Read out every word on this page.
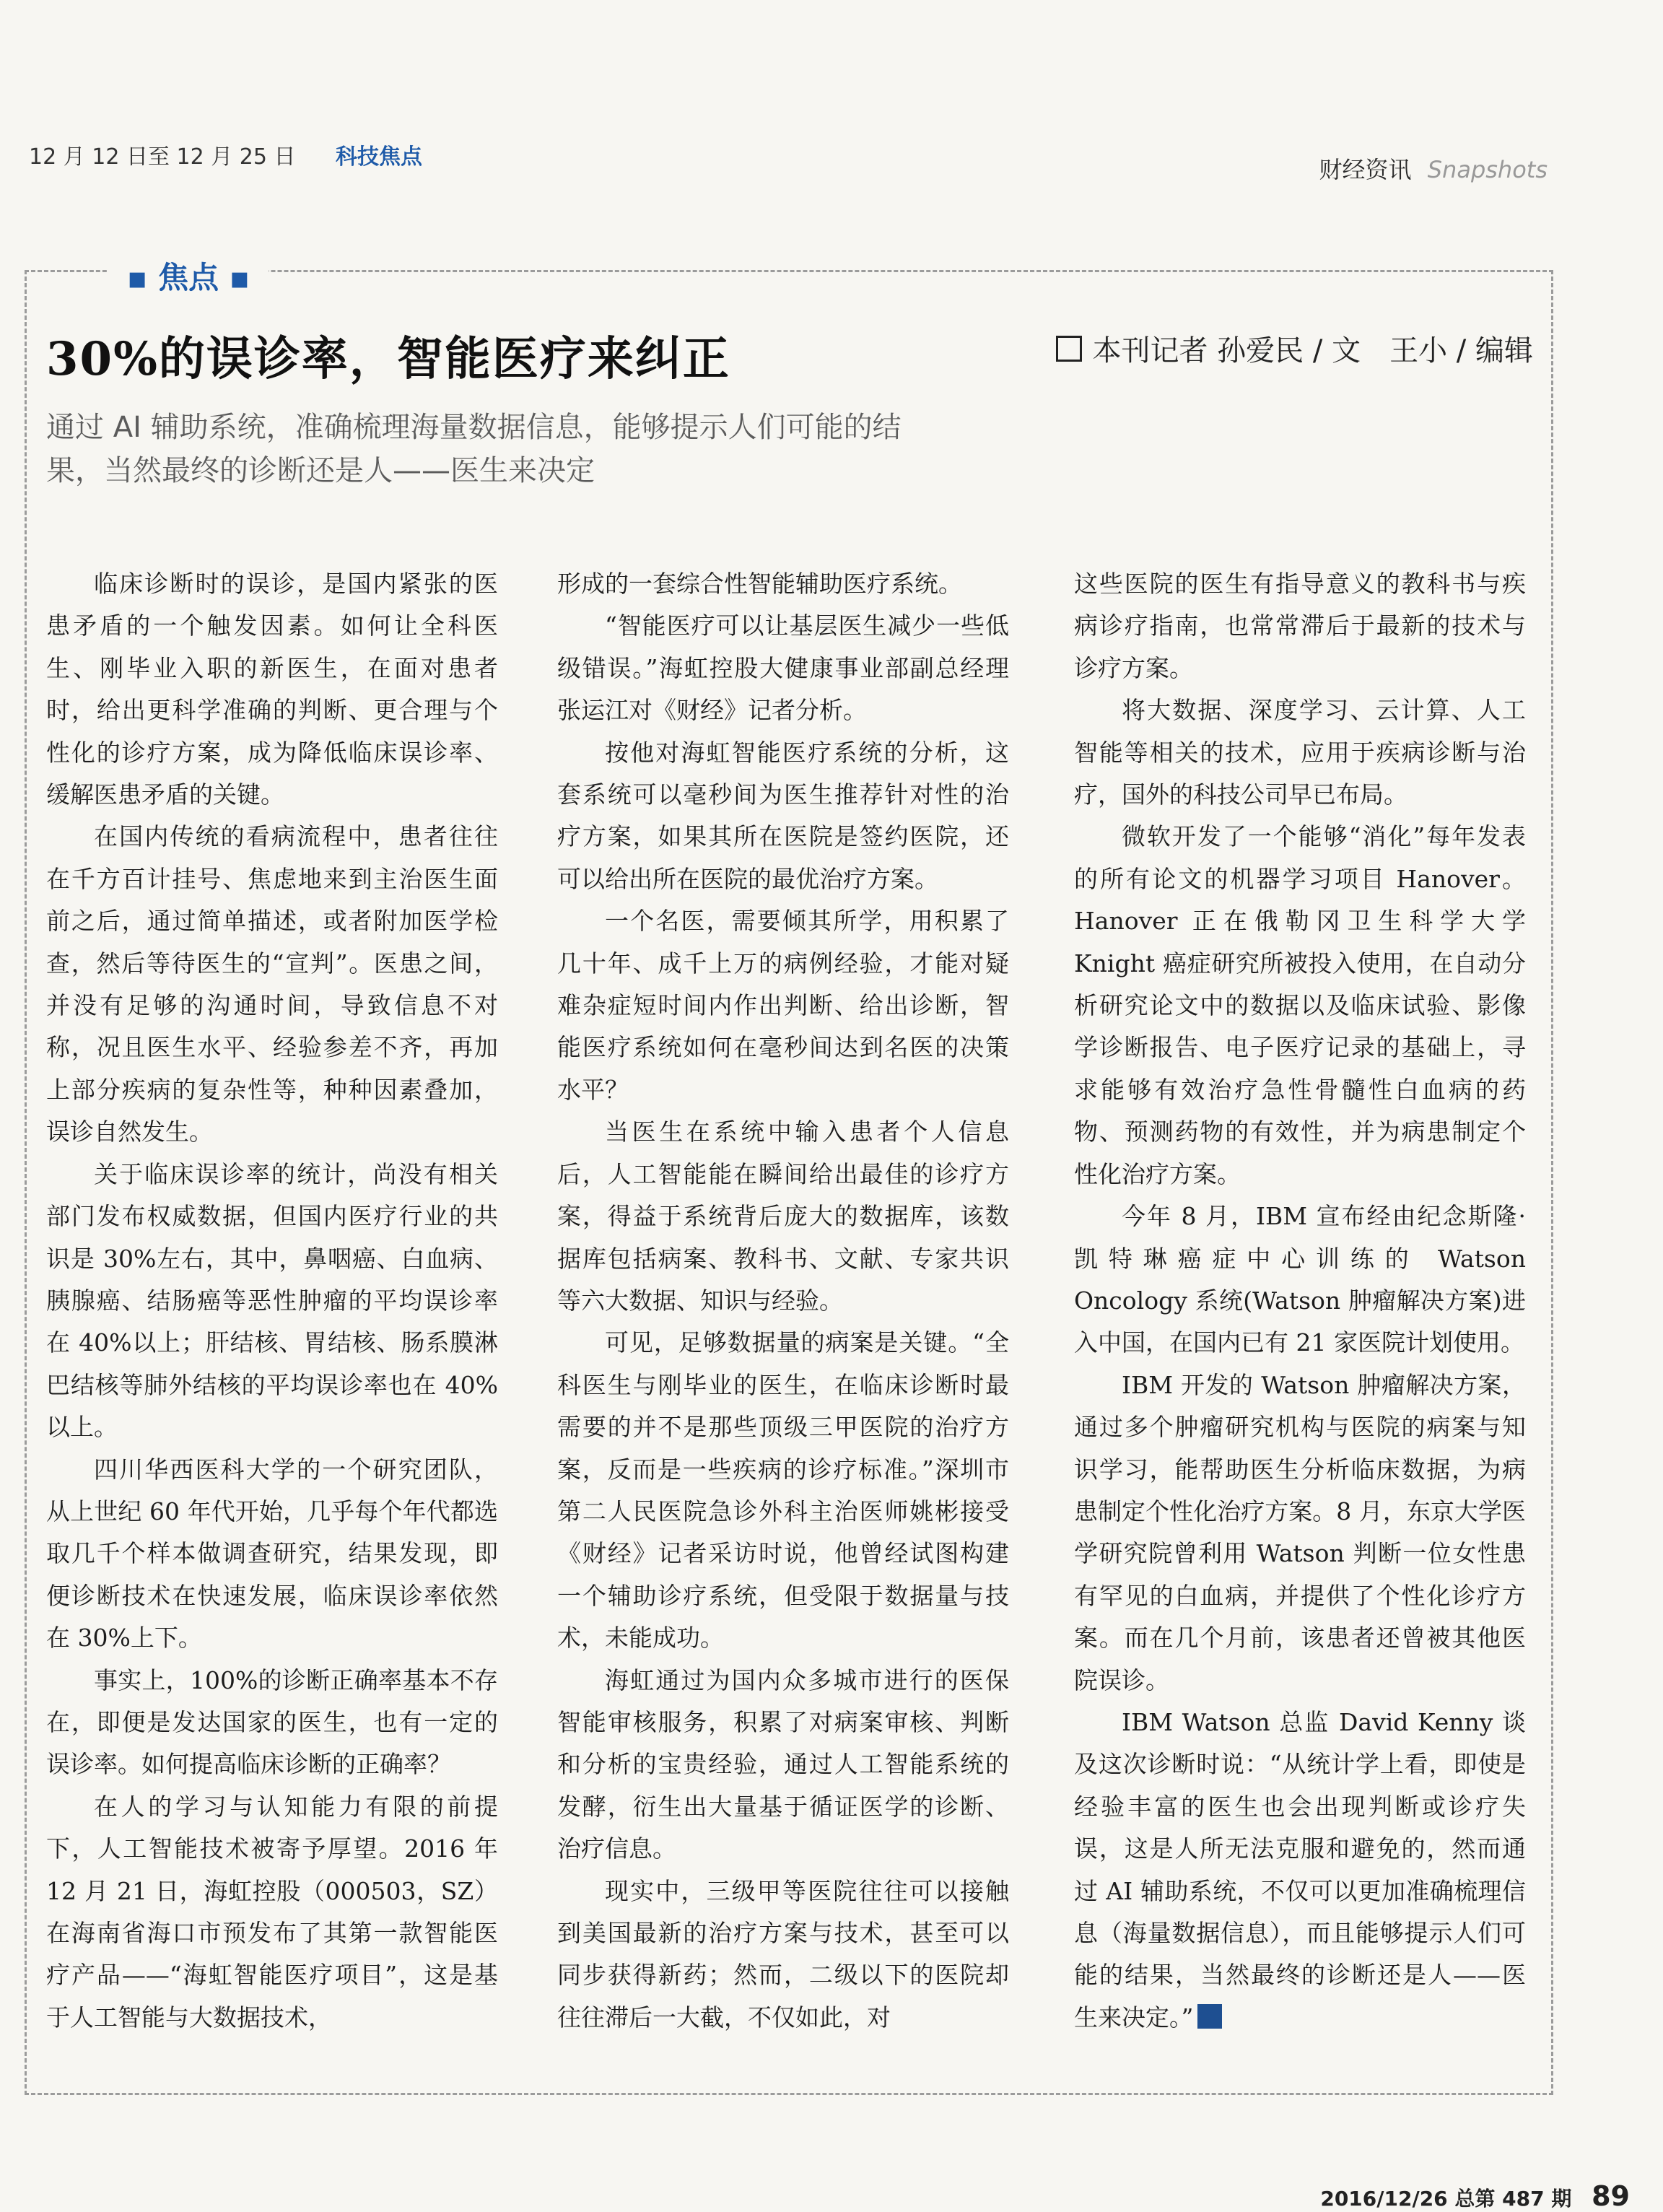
12 月 12 日至 12 月 25 日 科技焦点	财经资讯 Snapshots
▪ 焦点 ▪
30%的误诊率，智能医疗来纠正	本刊记者 孙爱民 / 文　王小 / 编辑
通过 AI 辅助系统，准确梳理海量数据信息，能够提示人们可能的结果，当然最终的诊断还是人——医生来决定

临床诊断时的误诊，是国内紧张的医患矛盾的一个触发因素。如何让全科医生、刚毕业入职的新医生，在面对患者时，给出更科学准确的判断、更合理与个性化的诊疗方案，成为降低临床误诊率、缓解医患矛盾的关键。

在国内传统的看病流程中，患者往往在千方百计挂号、焦虑地来到主治医生面前之后，通过简单描述，或者附加医学检查，然后等待医生的“宣判”。医患之间，并没有足够的沟通时间，导致信息不对称，况且医生水平、经验参差不齐，再加上部分疾病的复杂性等，种种因素叠加，误诊自然发生。

关于临床误诊率的统计，尚没有相关部门发布权威数据，但国内医疗行业的共识是 30%左右，其中，鼻咽癌、白血病、胰腺癌、结肠癌等恶性肿瘤的平均误诊率在 40%以上；肝结核、胃结核、肠系膜淋巴结核等肺外结核的平均误诊率也在 40%以上。

四川华西医科大学的一个研究团队，从上世纪 60 年代开始，几乎每个年代都选取几千个样本做调查研究，结果发现，即便诊断技术在快速发展，临床误诊率依然在 30%上下。

事实上，100%的诊断正确率基本不存在，即便是发达国家的医生，也有一定的误诊率。如何提高临床诊断的正确率？

在人的学习与认知能力有限的前提下，人工智能技术被寄予厚望。2016 年 12 月 21 日，海虹控股（000503，SZ）在海南省海口市预发布了其第一款智能医疗产品——“海虹智能医疗项目”，这是基于人工智能与大数据技术，

形成的一套综合性智能辅助医疗系统。

“智能医疗可以让基层医生减少一些低级错误。”海虹控股大健康事业部副总经理张运江对《财经》记者分析。

按他对海虹智能医疗系统的分析，这套系统可以毫秒间为医生推荐针对性的治疗方案，如果其所在医院是签约医院，还可以给出所在医院的最优治疗方案。

一个名医，需要倾其所学，用积累了几十年、成千上万的病例经验，才能对疑难杂症短时间内作出判断、给出诊断，智能医疗系统如何在毫秒间达到名医的决策水平？

当医生在系统中输入患者个人信息后，人工智能能在瞬间给出最佳的诊疗方案，得益于系统背后庞大的数据库，该数据库包括病案、教科书、文献、专家共识等六大数据、知识与经验。

可见，足够数据量的病案是关键。“全科医生与刚毕业的医生，在临床诊断时最需要的并不是那些顶级三甲医院的治疗方案，反而是一些疾病的诊疗标准。”深圳市第二人民医院急诊外科主治医师姚彬接受《财经》记者采访时说，他曾经试图构建一个辅助诊疗系统，但受限于数据量与技术，未能成功。

海虹通过为国内众多城市进行的医保智能审核服务，积累了对病案审核、判断和分析的宝贵经验，通过人工智能系统的发酵，衍生出大量基于循证医学的诊断、治疗信息。

现实中，三级甲等医院往往可以接触到美国最新的治疗方案与技术，甚至可以同步获得新药；然而，二级以下的医院却往往滞后一大截，不仅如此，对

这些医院的医生有指导意义的教科书与疾病诊疗指南，也常常滞后于最新的技术与诊疗方案。

将大数据、深度学习、云计算、人工智能等相关的技术，应用于疾病诊断与治疗，国外的科技公司早已布局。

微软开发了一个能够“消化”每年发表的所有论文的机器学习项目 Hanover。Hanover 正在俄勒冈卫生科学大学 Knight 癌症研究所被投入使用，在自动分析研究论文中的数据以及临床试验、影像学诊断报告、电子医疗记录的基础上，寻求能够有效治疗急性骨髓性白血病的药物、预测药物的有效性，并为病患制定个性化治疗方案。

今年 8 月，IBM 宣布经由纪念斯隆·凯特琳癌症中心训练的 Watson Oncology 系统(Watson 肿瘤解决方案)进入中国，在国内已有 21 家医院计划使用。

IBM 开发的 Watson 肿瘤解决方案，通过多个肿瘤研究机构与医院的病案与知识学习，能帮助医生分析临床数据，为病患制定个性化治疗方案。8 月，东京大学医学研究院曾利用 Watson 判断一位女性患有罕见的白血病，并提供了个性化诊疗方案。而在几个月前，该患者还曾被其他医院误诊。

IBM Watson 总监 David Kenny 谈及这次诊断时说：“从统计学上看，即使是经验丰富的医生也会出现判断或诊疗失误，这是人所无法克服和避免的，然而通过 AI 辅助系统，不仅可以更加准确梳理信息（海量数据信息），而且能够提示人们可能的结果，当然最终的诊断还是人——医生来决定。”

2016/12/26 总第 487 期 89
